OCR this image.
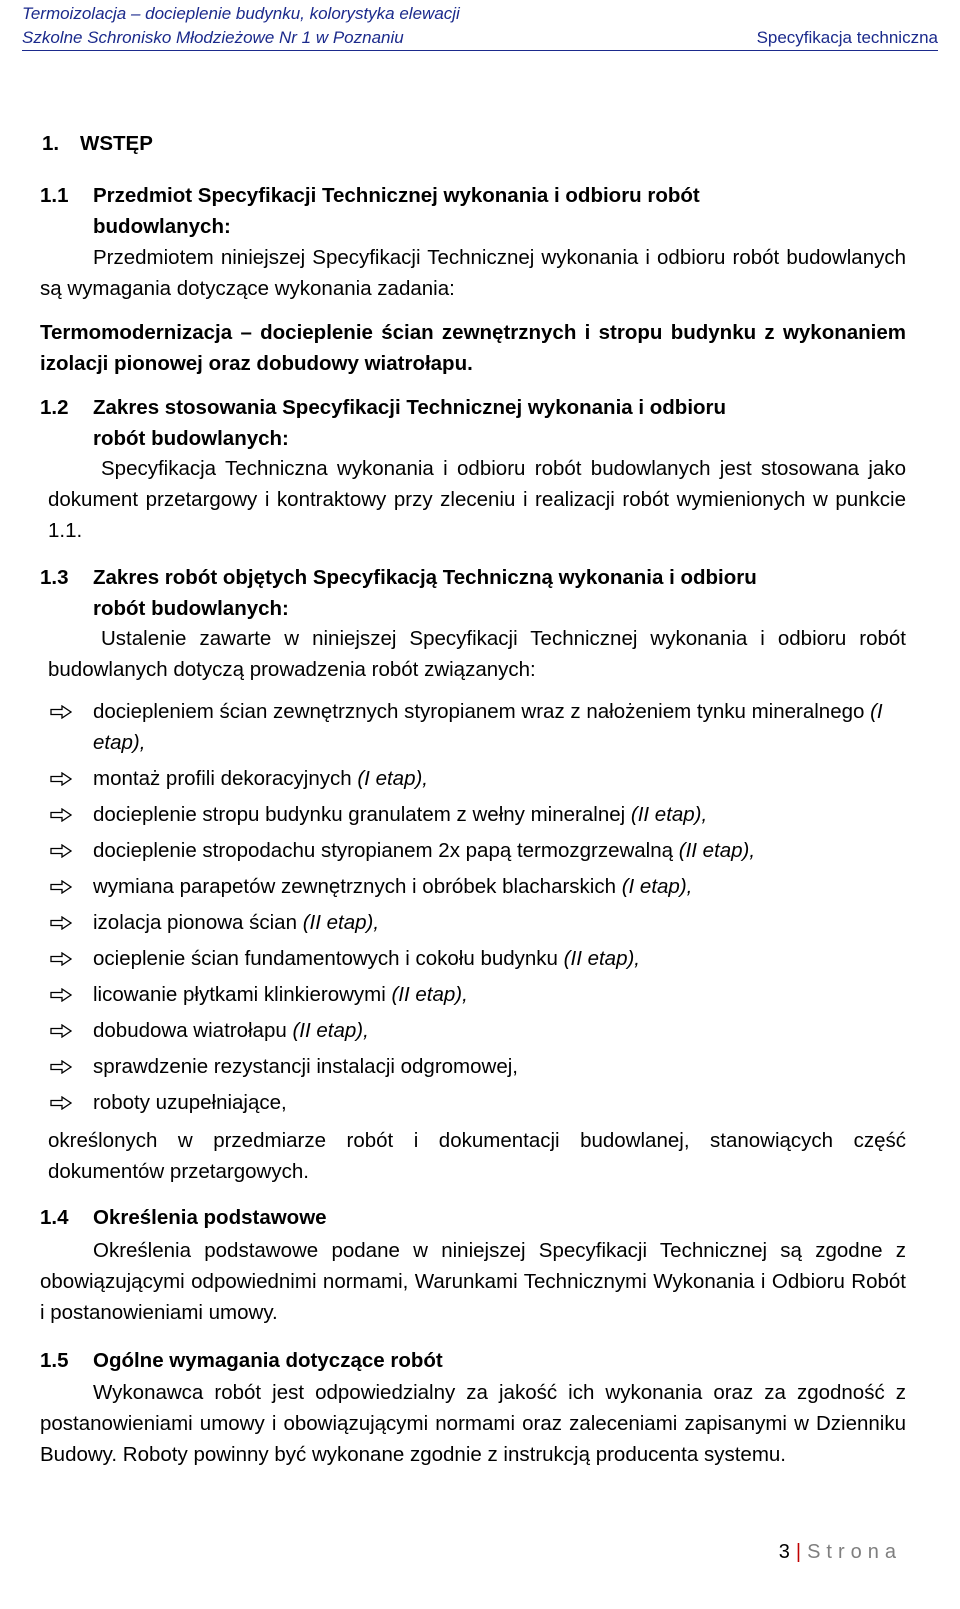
Termoizolacja – docieplenie budynku, kolorystyka elewacji
Szkolne Schronisko Młodzieżowe Nr 1 w Poznaniu	Specyfikacja techniczna
1. WSTĘP
1.1 Przedmiot Specyfikacji Technicznej wykonania i odbioru robót
budowlanych:
Przedmiotem niniejszej Specyfikacji Technicznej wykonania i odbioru robót budowlanych są wymagania dotyczące wykonania zadania:
Termomodernizacja – docieplenie ścian zewnętrznych i stropu budynku z wykonaniem izolacji pionowej oraz dobudowy wiatrołapu.
1.2 Zakres stosowania Specyfikacji Technicznej wykonania i odbioru
robót budowlanych:
Specyfikacja Techniczna wykonania i odbioru robót budowlanych jest stosowana jako dokument przetargowy i kontraktowy przy zleceniu i realizacji robót wymienionych w punkcie 1.1.
1.3 Zakres robót objętych Specyfikacją Techniczną wykonania i odbioru
robót budowlanych:
Ustalenie zawarte w niniejszej Specyfikacji Technicznej wykonania i odbioru robót budowlanych dotyczą prowadzenia robót związanych:
dociepleniem ścian zewnętrznych styropianem wraz z nałożeniem tynku mineralnego (I etap),
montaż profili dekoracyjnych (I etap),
docieplenie stropu budynku granulatem z wełny mineralnej (II etap),
docieplenie stropodachu styropianem 2x papą termozgrzewalną (II etap),
wymiana parapetów zewnętrznych i obróbek blacharskich (I etap),
izolacja pionowa ścian (II etap),
ocieplenie ścian fundamentowych i cokołu budynku (II etap),
licowanie płytkami klinkierowymi (II etap),
dobudowa wiatrołapu (II etap),
sprawdzenie rezystancji instalacji odgromowej,
roboty uzupełniające,
określonych w przedmiarze robót i dokumentacji budowlanej, stanowiących część dokumentów przetargowych.
1.4 Określenia podstawowe
Określenia podstawowe podane w niniejszej Specyfikacji Technicznej są zgodne z obowiązującymi odpowiednimi normami, Warunkami Technicznymi Wykonania i Odbioru Robót i postanowieniami umowy.
1.5 Ogólne wymagania dotyczące robót
Wykonawca robót jest odpowiedzialny za jakość ich wykonania oraz za zgodność z postanowieniami umowy i obowiązującymi normami oraz zaleceniami zapisanymi w Dzienniku Budowy. Roboty powinny być wykonane zgodnie z instrukcją producenta systemu.
3 | Strona
